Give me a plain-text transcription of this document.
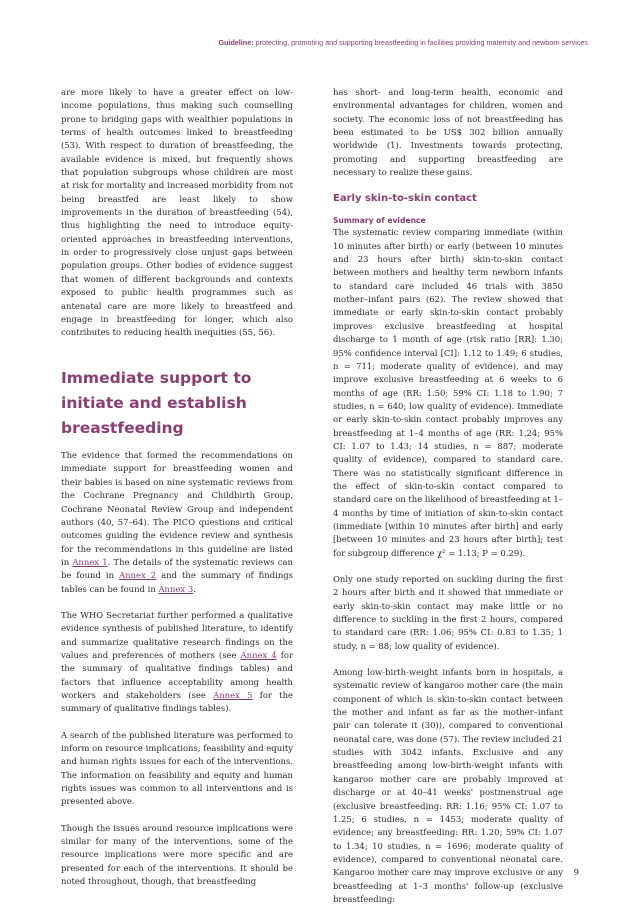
Guideline: protecting, promoting and supporting breastfeeding in facilities providing maternity and newborn services

are more likely to have a greater effect on low-income populations, thus making such counselling prone to bridging gaps with wealthier populations in terms of health outcomes linked to breastfeeding (53). With respect to duration of breastfeeding, the available evidence is mixed, but frequently shows that population subgroups whose children are most at risk for mortality and increased morbidity from not being breastfed are least likely to show improvements in the duration of breastfeeding (54), thus highlighting the need to introduce equity-oriented approaches in breastfeeding interventions, in order to progressively close unjust gaps between population groups. Other bodies of evidence suggest that women of different backgrounds and contexts exposed to public health programmes such as antenatal care are more likely to breastfeed and engage in breastfeeding for longer, which also contributes to reducing health inequities (55, 56).

Immediate support to initiate and establish breastfeeding

The evidence that formed the recommendations on immediate support for breastfeeding women and their babies is based on nine systematic reviews from the Cochrane Pregnancy and Childbirth Group, Cochrane Neonatal Review Group and independent authors (40, 57–64). The PICO questions and critical outcomes guiding the evidence review and synthesis for the recommendations in this guideline are listed in Annex 1. The details of the systematic reviews can be found in Annex 2 and the summary of findings tables can be found in Annex 3.

The WHO Secretariat further performed a qualitative evidence synthesis of published literature, to identify and summarize qualitative research findings on the values and preferences of mothers (see Annex 4 for the summary of qualitative findings tables) and factors that influence acceptability among health workers and stakeholders (see Annex 5 for the summary of qualitative findings tables).

A search of the published literature was performed to inform on resource implications, feasibility and equity and human rights issues for each of the interventions. The information on feasibility and equity and human rights issues was common to all interventions and is presented above.

Though the issues around resource implications were similar for many of the interventions, some of the resource implications were more specific and are presented for each of the interventions. It should be noted throughout, though, that breastfeeding

has short- and long-term health, economic and environmental advantages for children, women and society. The economic loss of not breastfeeding has been estimated to be US$ 302 billion annually worldwide (1). Investments towards protecting, promoting and supporting breastfeeding are necessary to realize these gains.

Early skin-to-skin contact
Summary of evidence

The systematic review comparing immediate (within 10 minutes after birth) or early (between 10 minutes and 23 hours after birth) skin-to-skin contact between mothers and healthy term newborn infants to standard care included 46 trials with 3850 mother–infant pairs (62). The review showed that immediate or early skin-to-skin contact probably improves exclusive breastfeeding at hospital discharge to 1 month of age (risk ratio [RR]: 1.30; 95% confidence interval [CI]: 1.12 to 1.49; 6 studies, n = 711; moderate quality of evidence), and may improve exclusive breastfeeding at 6 weeks to 6 months of age (RR: 1.50; 59% CI: 1.18 to 1.90; 7 studies, n = 640; low quality of evidence). Immediate or early skin-to-skin contact probably improves any breastfeeding at 1–4 months of age (RR: 1.24; 95% CI: 1.07 to 1.43; 14 studies, n = 887; moderate quality of evidence), compared to standard care. There was no statistically significant difference in the effect of skin-to-skin contact compared to standard care on the likelihood of breastfeeding at 1–4 months by time of initiation of skin-to-skin contact (immediate [within 10 minutes after birth] and early [between 10 minutes and 23 hours after birth]; test for subgroup difference χ² = 1.13; P = 0.29).

Only one study reported on suckling during the first 2 hours after birth and it showed that immediate or early skin-to-skin contact may make little or no difference to suckling in the first 2 hours, compared to standard care (RR: 1.06; 95% CI: 0.83 to 1.35; 1 study, n = 88; low quality of evidence).

Among low-birth-weight infants born in hospitals, a systematic review of kangaroo mother care (the main component of which is skin-to-skin contact between the mother and infant as far as the mother–infant pair can tolerate it (30)), compared to conventional neonatal care, was done (57). The review included 21 studies with 3042 infants. Exclusive and any breastfeeding among low-birth-weight infants with kangaroo mother care are probably improved at discharge or at 40–41 weeks' postmenstrual age (exclusive breastfeeding: RR: 1.16; 95% CI: 1.07 to 1.25; 6 studies, n = 1453; moderate quality of evidence; any breastfeeding: RR: 1.20; 59% CI: 1.07 to 1.34; 10 studies, n = 1696; moderate quality of evidence), compared to conventional neonatal care. Kangaroo mother care may improve exclusive or any breastfeeding at 1–3 months' follow-up (exclusive breastfeeding:

9
